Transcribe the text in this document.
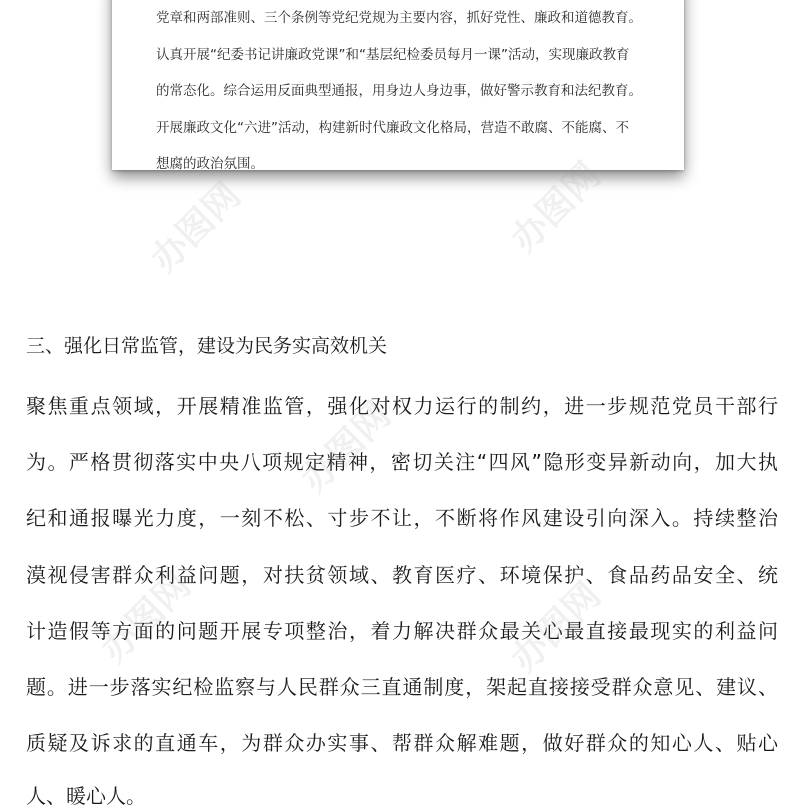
党章和两部准则、三个条例等党纪党规为主要内容，抓好党性、廉政和道德教育。
认真开展“纪委书记讲廉政党课”和“基层纪检委员每月一课”活动，实现廉政教育
的常态化。综合运用反面典型通报，用身边人身边事，做好警示教育和法纪教育。
开展廉政文化“六进”活动，构建新时代廉政文化格局，营造不敢腐、不能腐、不
想腐的政治氛围。
三、强化日常监管，建设为民务实高效机关
聚焦重点领域，开展精准监管，强化对权力运行的制约，进一步规范党员干部行
为。严格贯彻落实中央八项规定精神，密切关注“四风”隐形变异新动向，加大执
纪和通报曝光力度，一刻不松、寸步不让，不断将作风建设引向深入。持续整治
漠视侵害群众利益问题，对扶贫领域、教育医疗、环境保护、食品药品安全、统
计造假等方面的问题开展专项整治，着力解决群众最关心最直接最现实的利益问
题。进一步落实纪检监察与人民群众三直通制度，架起直接接受群众意见、建议、
质疑及诉求的直通车，为群众办实事、帮群众解难题，做好群众的知心人、贴心
人、暖心人。
办图网	办图网
办图网
办图网	办图网
